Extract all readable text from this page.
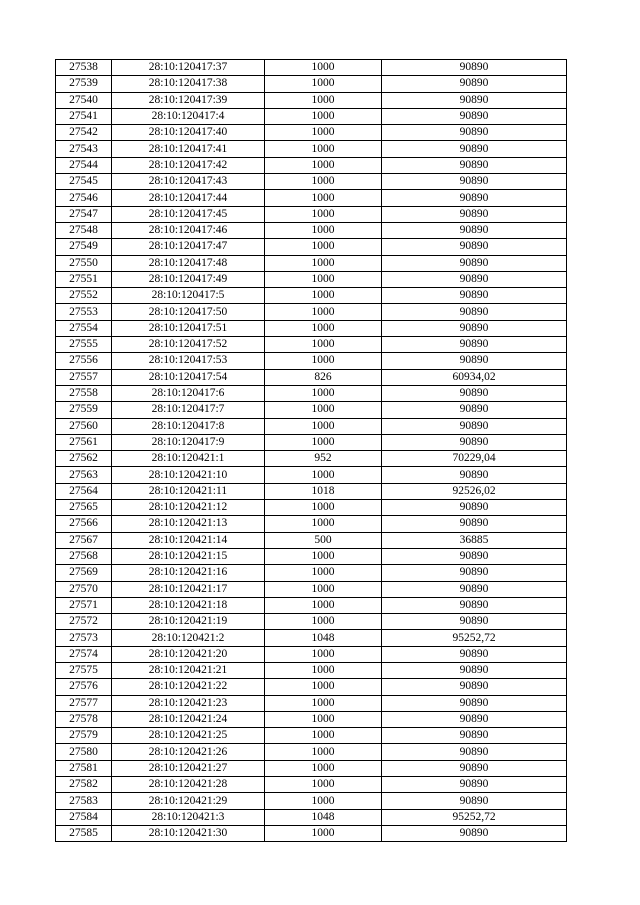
27538	28:10:120417:37	1000	90890
27539	28:10:120417:38	1000	90890
27540	28:10:120417:39	1000	90890
27541	28:10:120417:4	1000	90890
27542	28:10:120417:40	1000	90890
27543	28:10:120417:41	1000	90890
27544	28:10:120417:42	1000	90890
27545	28:10:120417:43	1000	90890
27546	28:10:120417:44	1000	90890
27547	28:10:120417:45	1000	90890
27548	28:10:120417:46	1000	90890
27549	28:10:120417:47	1000	90890
27550	28:10:120417:48	1000	90890
27551	28:10:120417:49	1000	90890
27552	28:10:120417:5	1000	90890
27553	28:10:120417:50	1000	90890
27554	28:10:120417:51	1000	90890
27555	28:10:120417:52	1000	90890
27556	28:10:120417:53	1000	90890
27557	28:10:120417:54	826	60934,02
27558	28:10:120417:6	1000	90890
27559	28:10:120417:7	1000	90890
27560	28:10:120417:8	1000	90890
27561	28:10:120417:9	1000	90890
27562	28:10:120421:1	952	70229,04
27563	28:10:120421:10	1000	90890
27564	28:10:120421:11	1018	92526,02
27565	28:10:120421:12	1000	90890
27566	28:10:120421:13	1000	90890
27567	28:10:120421:14	500	36885
27568	28:10:120421:15	1000	90890
27569	28:10:120421:16	1000	90890
27570	28:10:120421:17	1000	90890
27571	28:10:120421:18	1000	90890
27572	28:10:120421:19	1000	90890
27573	28:10:120421:2	1048	95252,72
27574	28:10:120421:20	1000	90890
27575	28:10:120421:21	1000	90890
27576	28:10:120421:22	1000	90890
27577	28:10:120421:23	1000	90890
27578	28:10:120421:24	1000	90890
27579	28:10:120421:25	1000	90890
27580	28:10:120421:26	1000	90890
27581	28:10:120421:27	1000	90890
27582	28:10:120421:28	1000	90890
27583	28:10:120421:29	1000	90890
27584	28:10:120421:3	1048	95252,72
27585	28:10:120421:30	1000	90890
